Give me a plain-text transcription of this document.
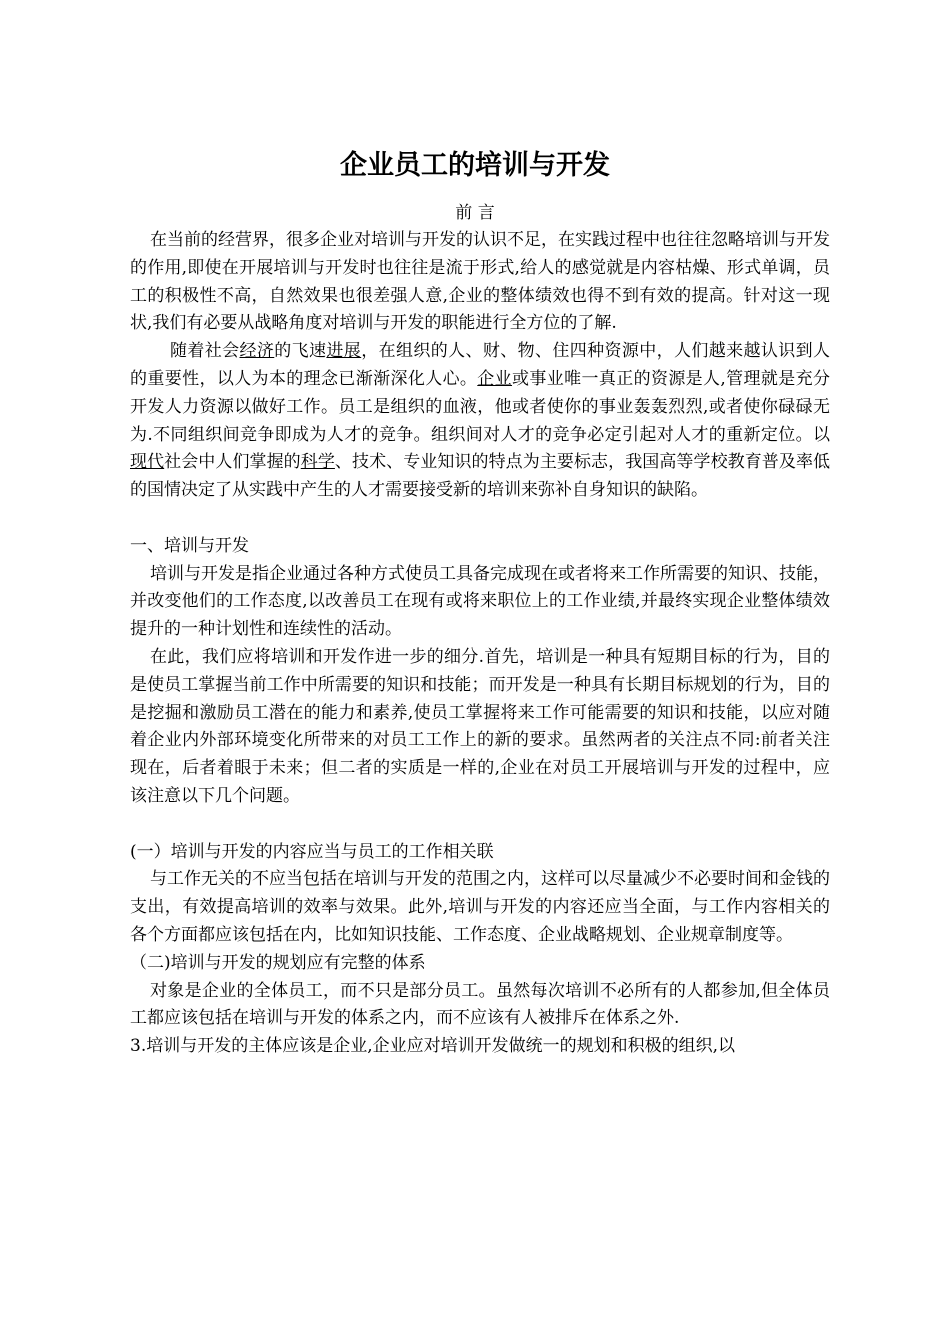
企业员工的培训与开发
前 言

在当前的经营界，很多企业对培训与开发的认识不足，在实践过程中也往往忽略培训与开发的作用,即使在开展培训与开发时也往往是流于形式,给人的感觉就是内容枯燥、形式单调，员工的积极性不高，自然效果也很差强人意,企业的整体绩效也得不到有效的提高。针对这一现状,我们有必要从战略角度对培训与开发的职能进行全方位的了解.

随着社会经济的飞速进展，在组织的人、财、物、住四种资源中，人们越来越认识到人的重要性，以人为本的理念已渐渐深化人心。企业或事业唯一真正的资源是人,管理就是充分开发人力资源以做好工作。员工是组织的血液，他或者使你的事业轰轰烈烈,或者使你碌碌无为.不同组织间竞争即成为人才的竞争。组织间对人才的竞争必定引起对人才的重新定位。以现代社会中人们掌握的科学、技术、专业知识的特点为主要标志，我国高等学校教育普及率低的国情决定了从实践中产生的人才需要接受新的培训来弥补自身知识的缺陷。

一、培训与开发

培训与开发是指企业通过各种方式使员工具备完成现在或者将来工作所需要的知识、技能，并改变他们的工作态度,以改善员工在现有或将来职位上的工作业绩,并最终实现企业整体绩效提升的一种计划性和连续性的活动。

在此，我们应将培训和开发作进一步的细分.首先，培训是一种具有短期目标的行为，目的是使员工掌握当前工作中所需要的知识和技能；而开发是一种具有长期目标规划的行为，目的是挖掘和激励员工潜在的能力和素养,使员工掌握将来工作可能需要的知识和技能，以应对随着企业内外部环境变化所带来的对员工工作上的新的要求。虽然两者的关注点不同:前者关注现在，后者着眼于未来；但二者的实质是一样的,企业在对员工开展培训与开发的过程中，应该注意以下几个问题。

(一）培训与开发的内容应当与员工的工作相关联

与工作无关的不应当包括在培训与开发的范围之内，这样可以尽量减少不必要时间和金钱的支出，有效提高培训的效率与效果。此外,培训与开发的内容还应当全面，与工作内容相关的各个方面都应该包括在内，比如知识技能、工作态度、企业战略规划、企业规章制度等。

（二)培训与开发的规划应有完整的体系

对象是企业的全体员工，而不只是部分员工。虽然每次培训不必所有的人都参加,但全体员工都应该包括在培训与开发的体系之内，而不应该有人被排斥在体系之外.

3.培训与开发的主体应该是企业,企业应对培训开发做统一的规划和积极的组织,以
